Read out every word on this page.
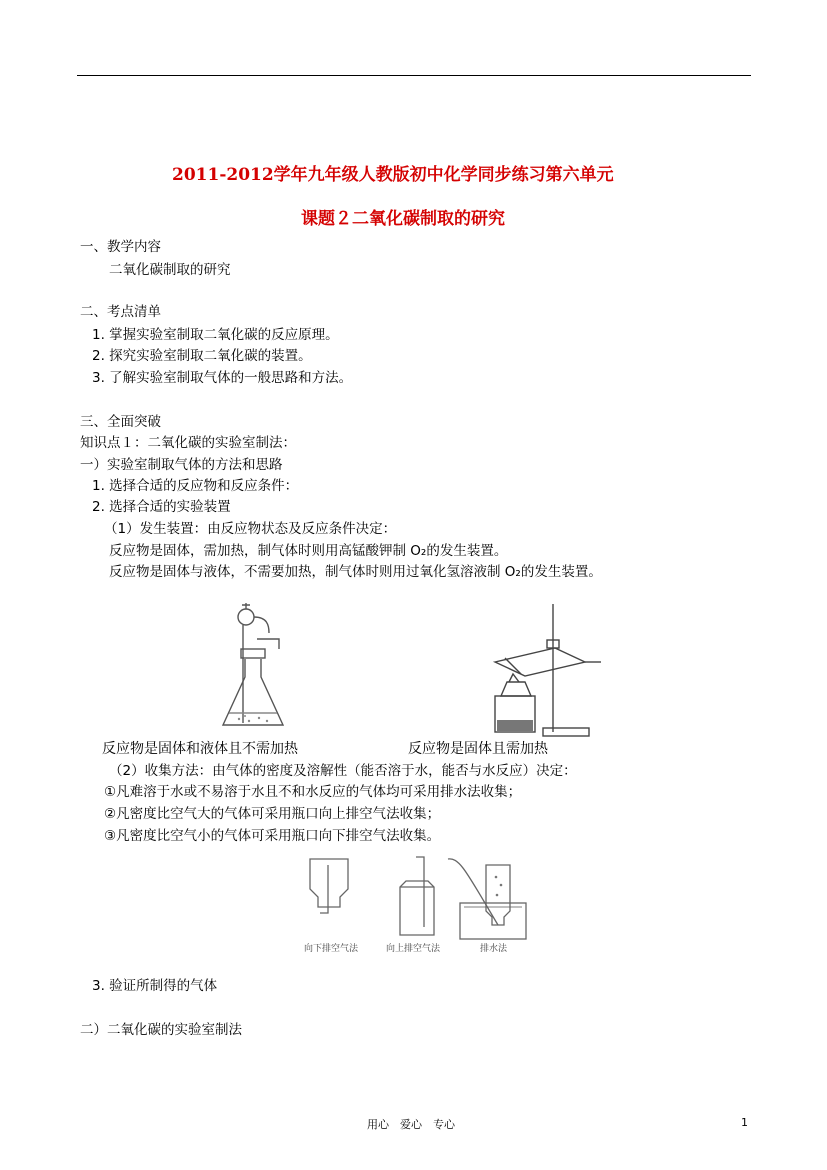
2011-2012学年九年级人教版初中化学同步练习第六单元
课题２二氧化碳制取的研究
一、教学内容
二氧化碳制取的研究
二、考点清单
1. 掌握实验室制取二氧化碳的反应原理。
2. 探究实验室制取二氧化碳的装置。
3. 了解实验室制取气体的一般思路和方法。
三、全面突破
知识点１：二氧化碳的实验室制法：
一）实验室制取气体的方法和思路
1. 选择合适的反应物和反应条件：
2. 选择合适的实验装置
（1）发生装置：由反应物状态及反应条件决定：
反应物是固体，需加热，制气体时则用高锰酸钾制 O₂的发生装置。
反应物是固体与液体，不需要加热，制气体时则用过氧化氢溶液制 O₂的发生装置。
反应物是固体和液体且不需加热	反应物是固体且需加热
（2）收集方法：由气体的密度及溶解性（能否溶于水，能否与水反应）决定：
①凡难溶于水或不易溶于水且不和水反应的气体均可采用排水法收集；
②凡密度比空气大的气体可采用瓶口向上排空气法收集；
③凡密度比空气小的气体可采用瓶口向下排空气法收集。
向下排空气法	向上排空气法	排水法
3. 验证所制得的气体
二）二氧化碳的实验室制法
用心　爱心　专心	1
